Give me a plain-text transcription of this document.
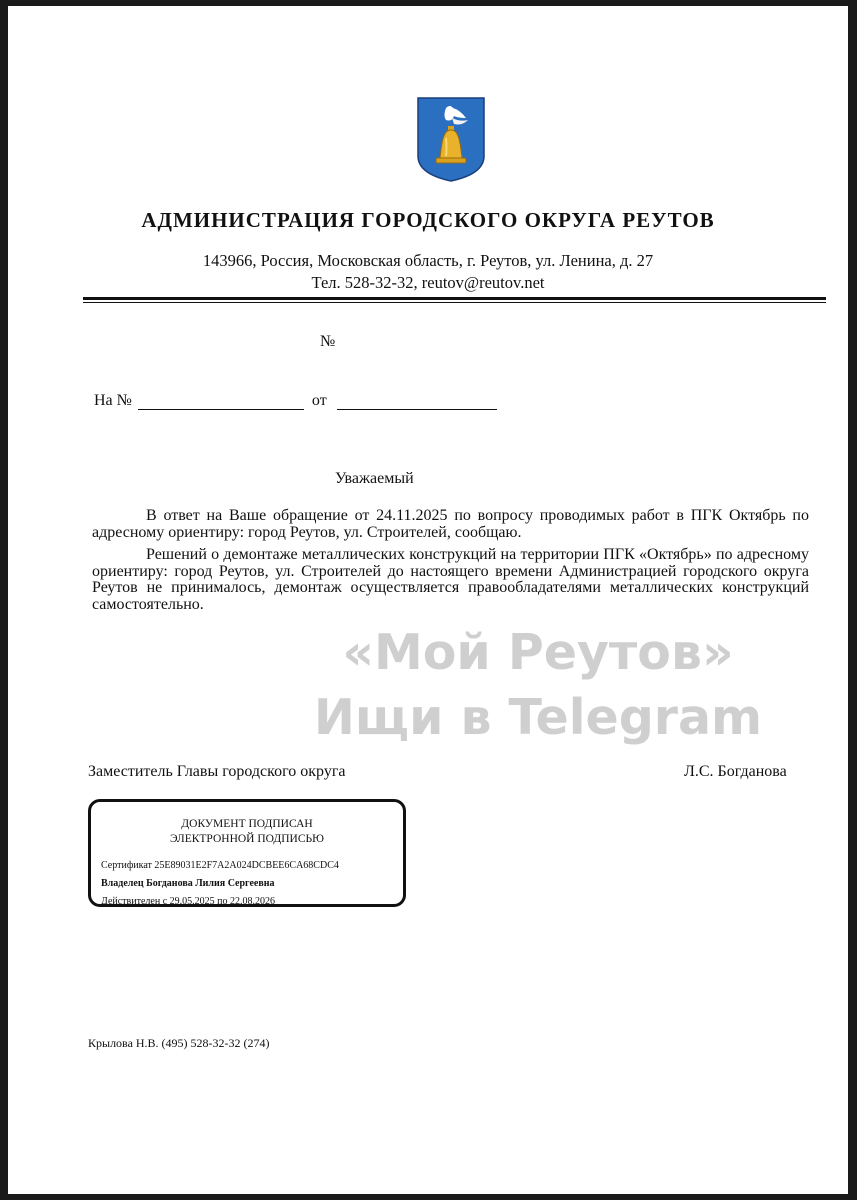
АДМИНИСТРАЦИЯ ГОРОДСКОГО ОКРУГА РЕУТОВ
143966, Россия, Московская область, г. Реутов, ул. Ленина, д. 27
Тел. 528-32-32, reutov@reutov.net
№
На №	от
Уважаемый

В ответ на Ваше обращение от 24.11.2025 по вопросу проводимых работ в ПГК Октябрь по адресному ориентиру: город Реутов, ул. Строителей, сообщаю.

Решений о демонтаже металлических конструкций на территории ПГК «Октябрь» по адресному ориентиру: город Реутов, ул. Строителей до настоящего времени Администрацией городского округа Реутов не принималось, демонтаж осуществляется правообладателями металлических конструкций самостоятельно.

«Мой Реутов»
Ищи в Telegram
Заместитель Главы городского округа	Л.С. Богданова
ДОКУМЕНТ ПОДПИСАН
ЭЛЕКТРОННОЙ ПОДПИСЬЮ
Сертификат 25E89031E2F7A2A024DCBEE6CA68CDC4
Владелец Богданова Лилия Сергеевна
Действителен с 29.05.2025 по 22.08.2026
Крылова Н.В. (495) 528-32-32 (274)
